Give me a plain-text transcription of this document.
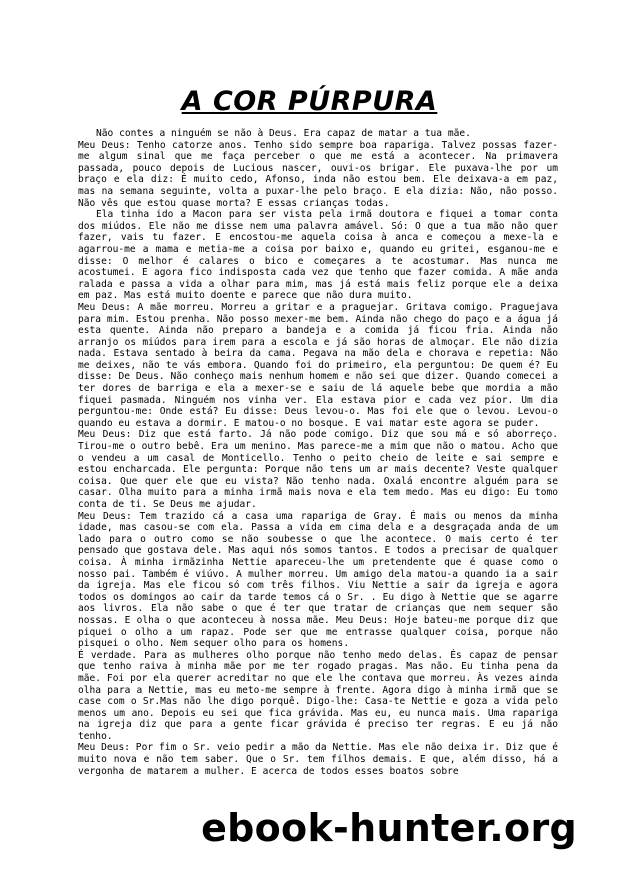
A COR PÚRPURA

Não contes a ninguém se não à Deus. Era capaz de matar a tua mãe.

Meu Deus: Tenho catorze anos. Tenho sido sempre boa rapariga. Talvez possas fazer-me algum sinal que me faça perceber o que me está a acontecer. Na primavera passada, pouco depois de Lucious nascer, ouvi-os brigar. Ele puxava-lhe por um braço e ela diz: É muito cedo, Afonso, inda não estou bem. Ele deixava-a em paz, mas na semana seguinte, volta a puxar-lhe pelo braço. E ela dizia: Não, não posso. Não vês que estou quase morta? E essas crianças todas.

Ela tinha ido a Macon para ser vista pela irmã doutora e fiquei a tomar conta dos miúdos. Ele não me disse nem uma palavra amável. Só: O que a tua mão não quer fazer, vais tu fazer. E encostou-me aquela coisa à anca e começou a mexe-la e agarrou-me a mama e metia-me a coisa por baixo e, quando eu gritei, esganou-me e disse: O melhor é calares o bico e começares a te acostumar. Mas nunca me acostumei. E agora fico indisposta cada vez que tenho que fazer comida. A mãe anda ralada e passa a vida a olhar para mim, mas já está mais feliz porque ele a deixa em paz. Mas está muito doente e parece que não dura muito.

Meu Deus: A mãe morreu. Morreu a gritar e a praguejar. Gritava comigo. Praguejava para mim. Estou prenha. Não posso mexer-me bem. Ainda não chego do paço e a água já esta quente. Ainda não preparo a bandeja e a comida já ficou fria. Ainda não arranjo os miúdos para irem para a escola e já são horas de almoçar. Ele não dizia nada. Estava sentado à beira da cama. Pegava na mão dela e chorava e repetia: Não me deixes, não te vás embora. Quando foi do primeiro, ela perguntou: De quem é? Eu disse: De Deus. Não conheço mais nenhum homem e não sei que dizer. Quando comecei a ter dores de barriga e ela a mexer-se e saiu de lá aquele bebe que mordia a mão fiquei pasmada. Ninguém nos vinha ver. Ela estava pior e cada vez pior. Um dia perguntou-me: Onde está? Eu disse: Deus levou-o. Mas foi ele que o levou. Levou-o quando eu estava a dormir. E matou-o no bosque. E vai matar este agora se puder.

Meu Deus: Diz que está farto. Já não pode comigo. Diz que sou má e só aborreço. Tirou-me o outro bebê. Era um menino. Mas parece-me a mim que não o matou. Acho que o vendeu a um casal de Monticello. Tenho o peito cheio de leite e sai sempre e estou encharcada. Ele pergunta: Porque não tens um ar mais decente? Veste qualquer coisa. Que quer ele que eu vista? Não tenho nada. Oxalá encontre alguém para se casar. Olha muito para a minha irmã mais nova e ela tem medo. Mas eu digo: Eu tomo conta de ti. Se Deus me ajudar.

Meu Deus: Tem trazido cá a casa uma rapariga de Gray. É mais ou menos da minha idade, mas casou-se com ela. Passa a vida em cima dela e a desgraçada anda de um lado para o outro como se não soubesse o que lhe acontece. O mais certo é ter pensado que gostava dele. Mas aqui nós somos tantos. E todos a precisar de qualquer coisa. À minha irmãzinha Nettie apareceu-lhe um pretendente que é quase como o nosso pai. Também é viúvo. A mulher morreu. Um amigo dela matou-a quando ia a sair da igreja. Mas ele ficou só com três filhos. Viu Nettie a sair da igreja e agora todos os domingos ao cair da tarde temos cá o Sr. . Eu digo à Nettie que se agarre aos livros. Ela não sabe o que é ter que tratar de crianças que nem sequer são nossas. E olha o que aconteceu à nossa mãe. Meu Deus: Hoje bateu-me porque diz que piquei o olho a um rapaz. Pode ser que me entrasse qualquer coisa, porque não pisquei o olho. Nem sequer olho para os homens.

É verdade. Para as mulheres olho porque não tenho medo delas. És capaz de pensar que tenho raiva à minha mãe por me ter rogado pragas. Mas não. Eu tinha pena da mãe. Foi por ela querer acreditar no que ele lhe contava que morreu. Às vezes ainda olha para a Nettie, mas eu meto-me sempre à frente. Agora digo à minha irmã que se case com o Sr.Mas não lhe digo porquê. Digo-lhe: Casa-te Nettie e goza a vida pelo menos um ano. Depois eu sei que fica grávida. Mas eu, eu nunca mais. Uma rapariga na igreja diz que para a gente ficar grávida é preciso ter regras. E eu já não tenho.

Meu Deus: Por fim o Sr. veio pedir a mão da Nettie. Mas ele não deixa ir. Diz que é muito nova e não tem saber. Que o Sr. tem filhos demais. E que, além disso, há a vergonha de matarem a mulher. E acerca de todos esses boatos sobre

ebook-hunter.org
